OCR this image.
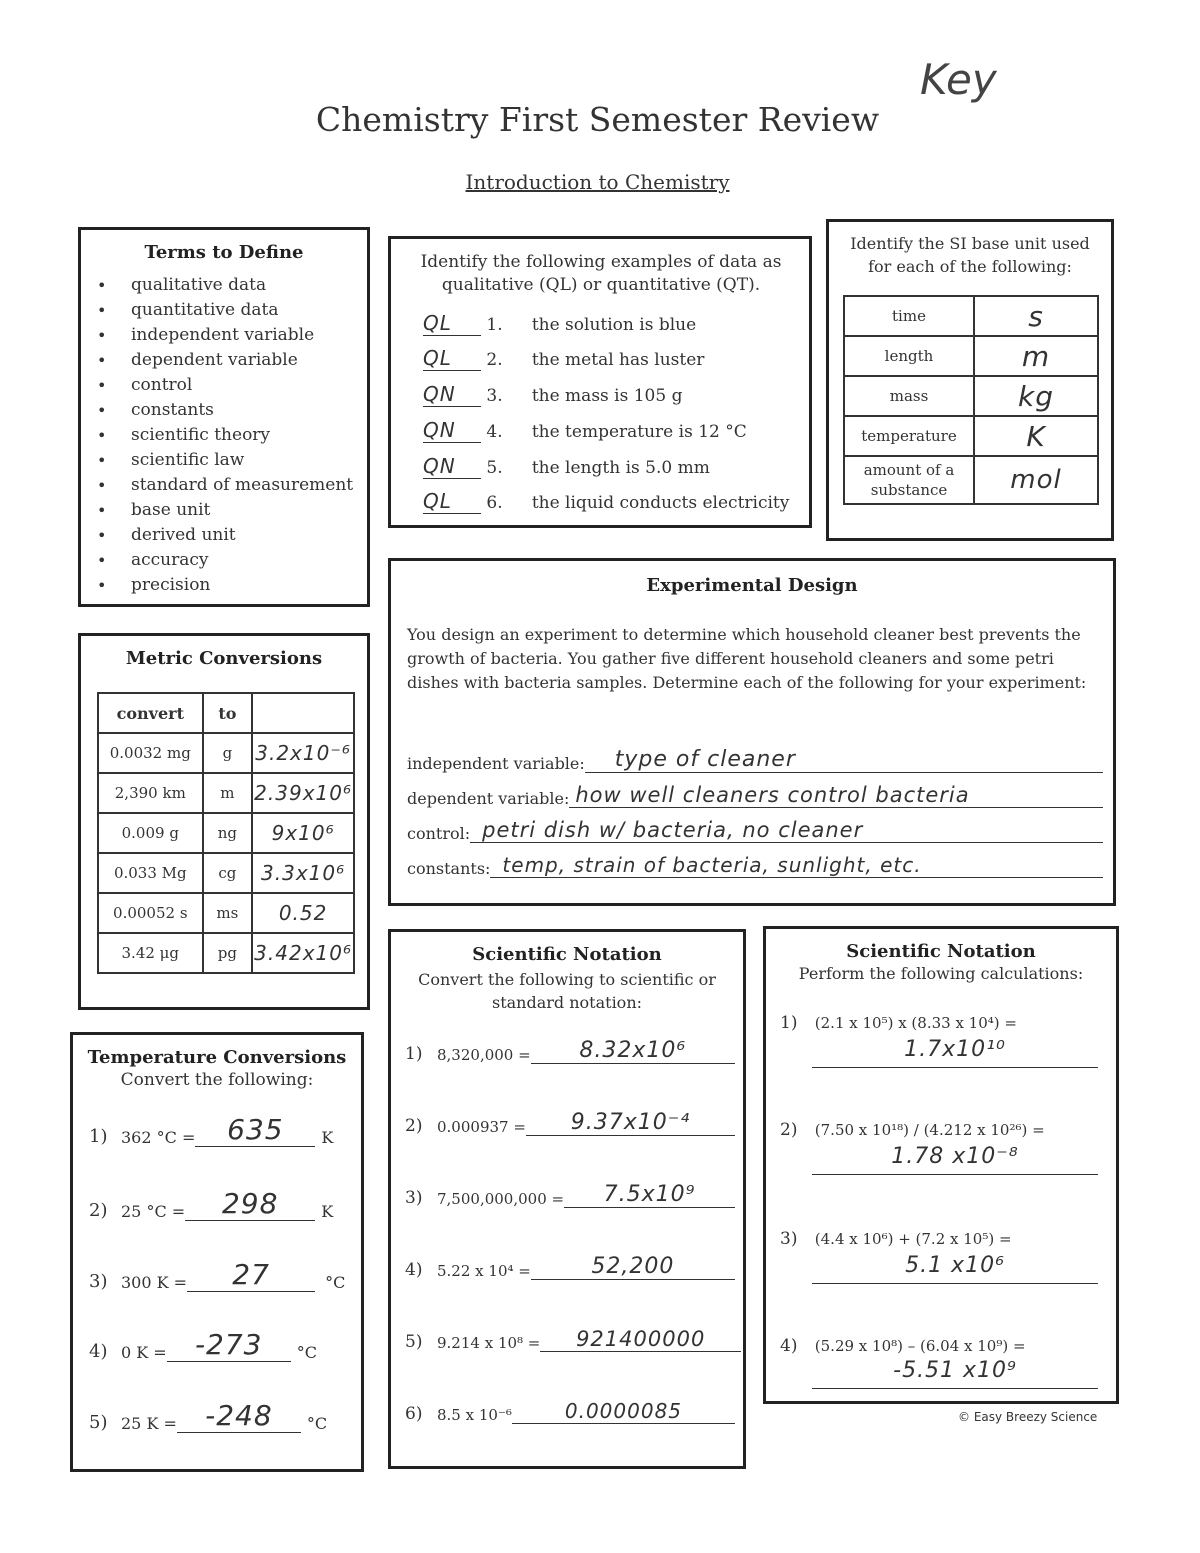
Chemistry First Semester Review
Introduction to Chemistry
Key
Terms to Define
• qualitative data
• quantitative data
• independent variable
• dependent variable
• control
• constants
• scientific theory
• scientific law
• standard of measurement
• base unit
• derived unit
• accuracy
• precision
Identify the following examples of data as qualitative (QL) or quantitative (QT).
QL 1. the solution is blue
QL 2. the metal has luster
QN 3. the mass is 105 g
QN 4. the temperature is 12 °C
QN 5. the length is 5.0 mm
QL 6. the liquid conducts electricity
Identify the SI base unit used for each of the following:
time	s
length	m
mass	kg
temperature	K
amount of a substance	mol
Metric Conversions
convert	to	
0.0032 mg	g	3.2x10⁻⁶
2,390 km	m	2.39x10⁶
0.009 g	ng	9x10⁶
0.033 Mg	cg	3.3x10⁶
0.00052 s	ms	0.52
3.42 μg	pg	3.42x10⁶
Experimental Design
You design an experiment to determine which household cleaner best prevents the growth of bacteria. You gather five different household cleaners and some petri dishes with bacteria samples. Determine each of the following for your experiment:
independent variable:	type of cleaner
dependent variable: how well cleaners control bacteria
control: petri dish w/ bacteria, no cleaner
constants: temp, strain of bacteria, sunlight, etc.
Temperature Conversions
Convert the following:
1) 362 °C =	635	K
2) 25 °C =	298	K
3) 300 K =	27	°C
4) 0 K =	-273	°C
5) 25 K =	-248	°C
Scientific Notation
Convert the following to scientific or standard notation:
1) 8,320,000 =	8.32x10⁶
2) 0.000937 =	9.37x10⁻⁴
3) 7,500,000,000 =	7.5x10⁹
4) 5.22 x 10⁴ =	52,200
5) 9.214 x 10⁸ =	921400000
6) 8.5 x 10⁻⁶	0.0000085
Scientific Notation
Perform the following calculations:
1) (2.1 x 10⁵) x (8.33 x 10⁴) =
1.7x10¹⁰
2) (7.50 x 10¹⁸) / (4.212 x 10²⁶) =
1.78 x10⁻⁸
3) (4.4 x 10⁶) + (7.2 x 10⁵) =
5.1 x10⁶
4) (5.29 x 10⁸) – (6.04 x 10⁹) =
-5.51 x10⁹
© Easy Breezy Science
